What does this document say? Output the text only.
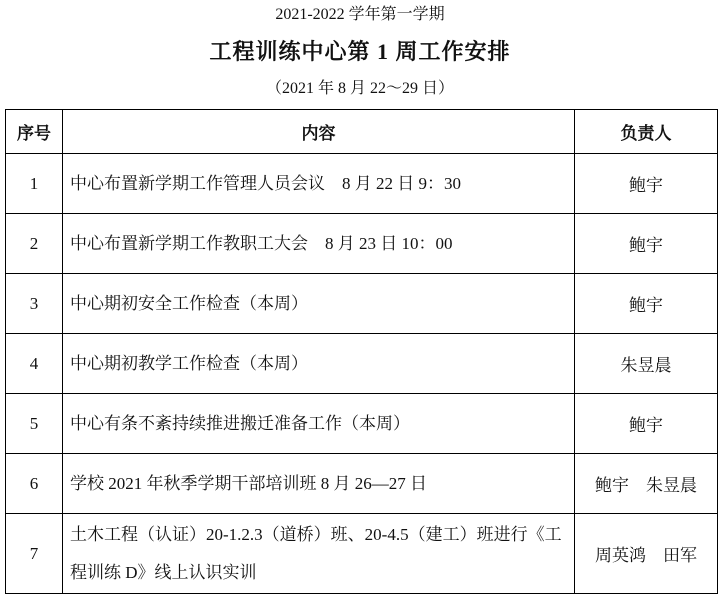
2021-2022 学年第一学期
工程训练中心第 1 周工作安排
（2021 年 8 月 22～29 日）
序号	内容	负责人
1	中心布置新学期工作管理人员会议　8 月 22 日 9：30	鲍宇
2	中心布置新学期工作教职工大会　8 月 23 日 10：00	鲍宇
3	中心期初安全工作检查（本周）	鲍宇
4	中心期初教学工作检查（本周）	朱昱晨
5	中心有条不紊持续推进搬迁准备工作（本周）	鲍宇
6	学校 2021 年秋季学期干部培训班 8 月 26—27 日	鲍宇　朱昱晨
7	土木工程（认证）20-1.2.3（道桥）班、20-4.5（建工）班进行《工程训练 D》线上认识实训	周英鸿　田军
